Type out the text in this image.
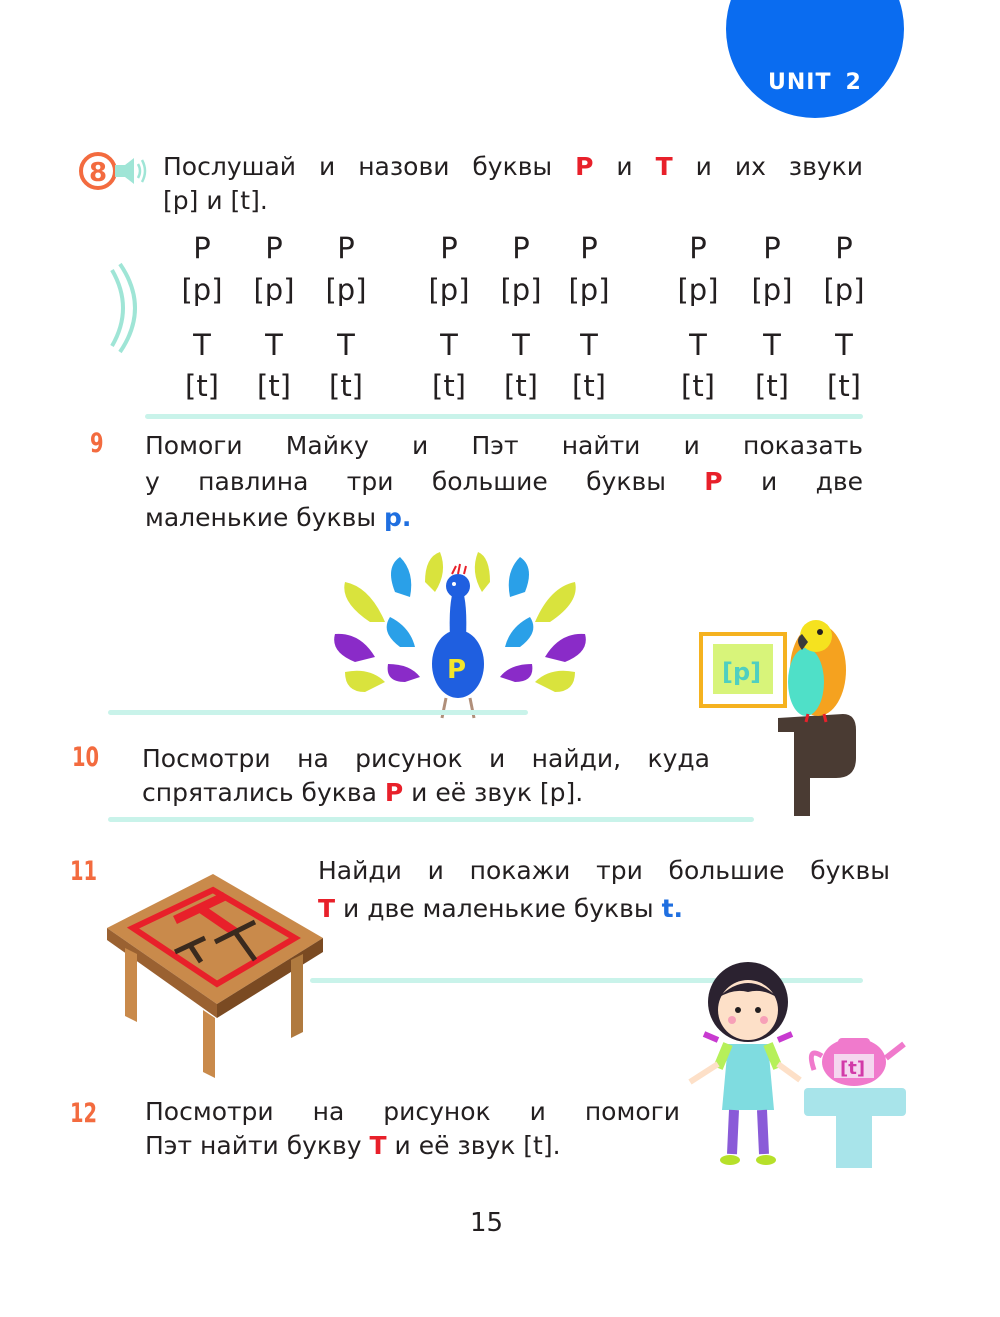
UNIT 2
8 Послушай и назови буквы P и T и их звуки
[p] и [t].
P	P	P	P	P	P	P	P	P
[p]	[p]	[p]	[p]	[p] [p]	[p]	[p]	[p]
T	T	T	T	T	T	T	T	T
[t]	[t]	[t]	[t]	[t]	[t]	[t]	[t]	[t]
9 Помоги Майку и Пэт найти и показать
у павлина три большие буквы P и две
маленькие буквы p.
P
10 Посмотри на рисунок и найди, куда
спрятались буква P и её звук [p].
[p]
11	Найди и покажи три большие буквы
T и две маленькие буквы t.
[t]
12 Посмотри на рисунок и помоги
Пэт найти букву T и её звук [t].
15
